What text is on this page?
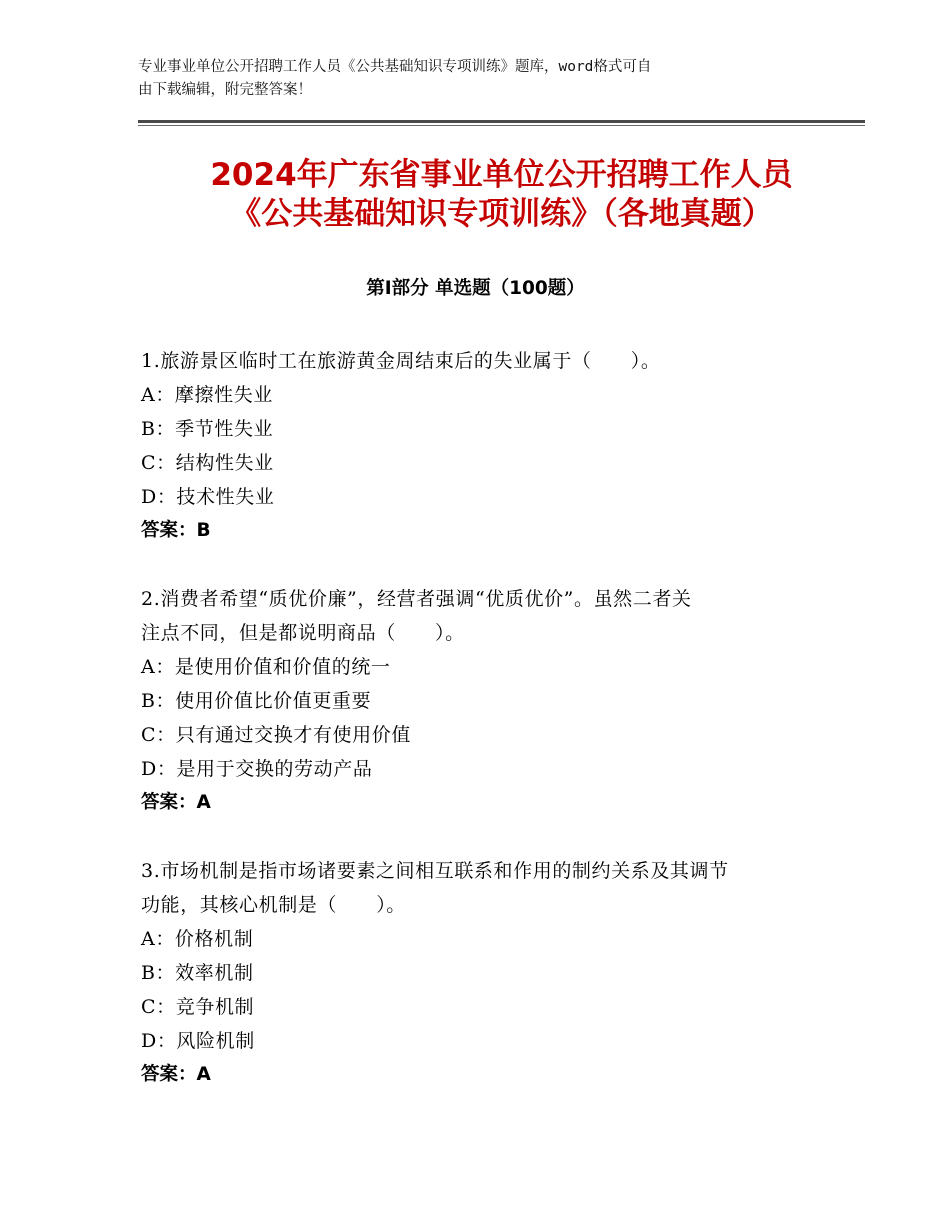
专业事业单位公开招聘工作人员《公共基础知识专项训练》题库，word格式可自
由下载编辑，附完整答案！
2024年广东省事业单位公开招聘工作人员
《公共基础知识专项训练》（各地真题）
第Ⅰ部分 单选题（100题）
1.旅游景区临时工在旅游黄金周结束后的失业属于（　　）。
A：摩擦性失业
B：季节性失业
C：结构性失业
D：技术性失业
答案：B
2.消费者希望“质优价廉”，经营者强调“优质优价”。虽然二者关
注点不同，但是都说明商品（　　）。
A：是使用价值和价值的统一
B：使用价值比价值更重要
C：只有通过交换才有使用价值
D：是用于交换的劳动产品
答案：A
3.市场机制是指市场诸要素之间相互联系和作用的制约关系及其调节
功能，其核心机制是（　　）。
A：价格机制
B：效率机制
C：竞争机制
D：风险机制
答案：A
